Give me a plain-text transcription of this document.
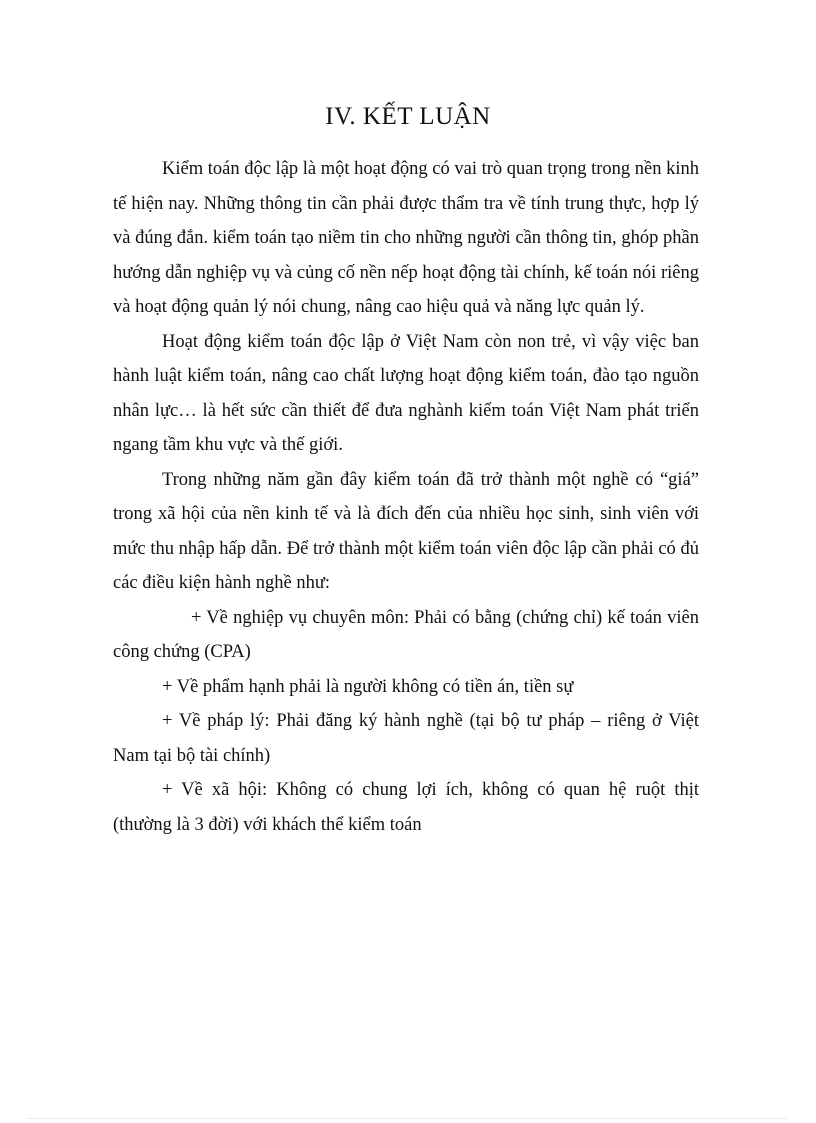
IV. KẾT LUẬN

Kiểm toán độc lập là một hoạt động có vai trò quan trọng trong nền kinh tế hiện nay. Những thông tin cần phải được thẩm tra về tính trung thực, hợp lý và đúng đắn. kiểm toán tạo niềm tin cho những người cần thông tin, ghóp phần hướng dẫn nghiệp vụ và củng cố nền nếp hoạt động tài chính, kế toán nói riêng và hoạt động quản lý nói chung, nâng cao hiệu quả và năng lực quản lý.

Hoạt động kiểm toán độc lập ở Việt Nam còn non trẻ, vì vậy việc ban hành luật kiểm toán, nâng cao chất lượng hoạt động kiểm toán, đào tạo nguồn nhân lực… là hết sức cần thiết để đưa nghành kiểm toán Việt Nam phát triển ngang tầm khu vực và thế giới.

Trong những năm gần đây kiểm toán đã trở thành một nghề có “giá” trong xã hội của nền kinh tế và là đích đến của nhiều học sinh, sinh viên với mức thu nhập hấp dẫn. Để trở thành một kiểm toán viên độc lập cần phải có đủ các điều kiện hành nghề như:

+ Về nghiệp vụ chuyên môn: Phải có bằng (chứng chỉ) kế toán viên công chứng (CPA)

+ Về phẩm hạnh phải là người không có tiền án, tiền sự

+ Về pháp lý: Phải đăng ký hành nghề (tại bộ tư pháp – riêng ở Việt Nam tại bộ tài chính)

+ Về xã hội: Không có chung lợi ích, không có quan hệ ruột thịt (thường là 3 đời) với khách thể kiểm toán
